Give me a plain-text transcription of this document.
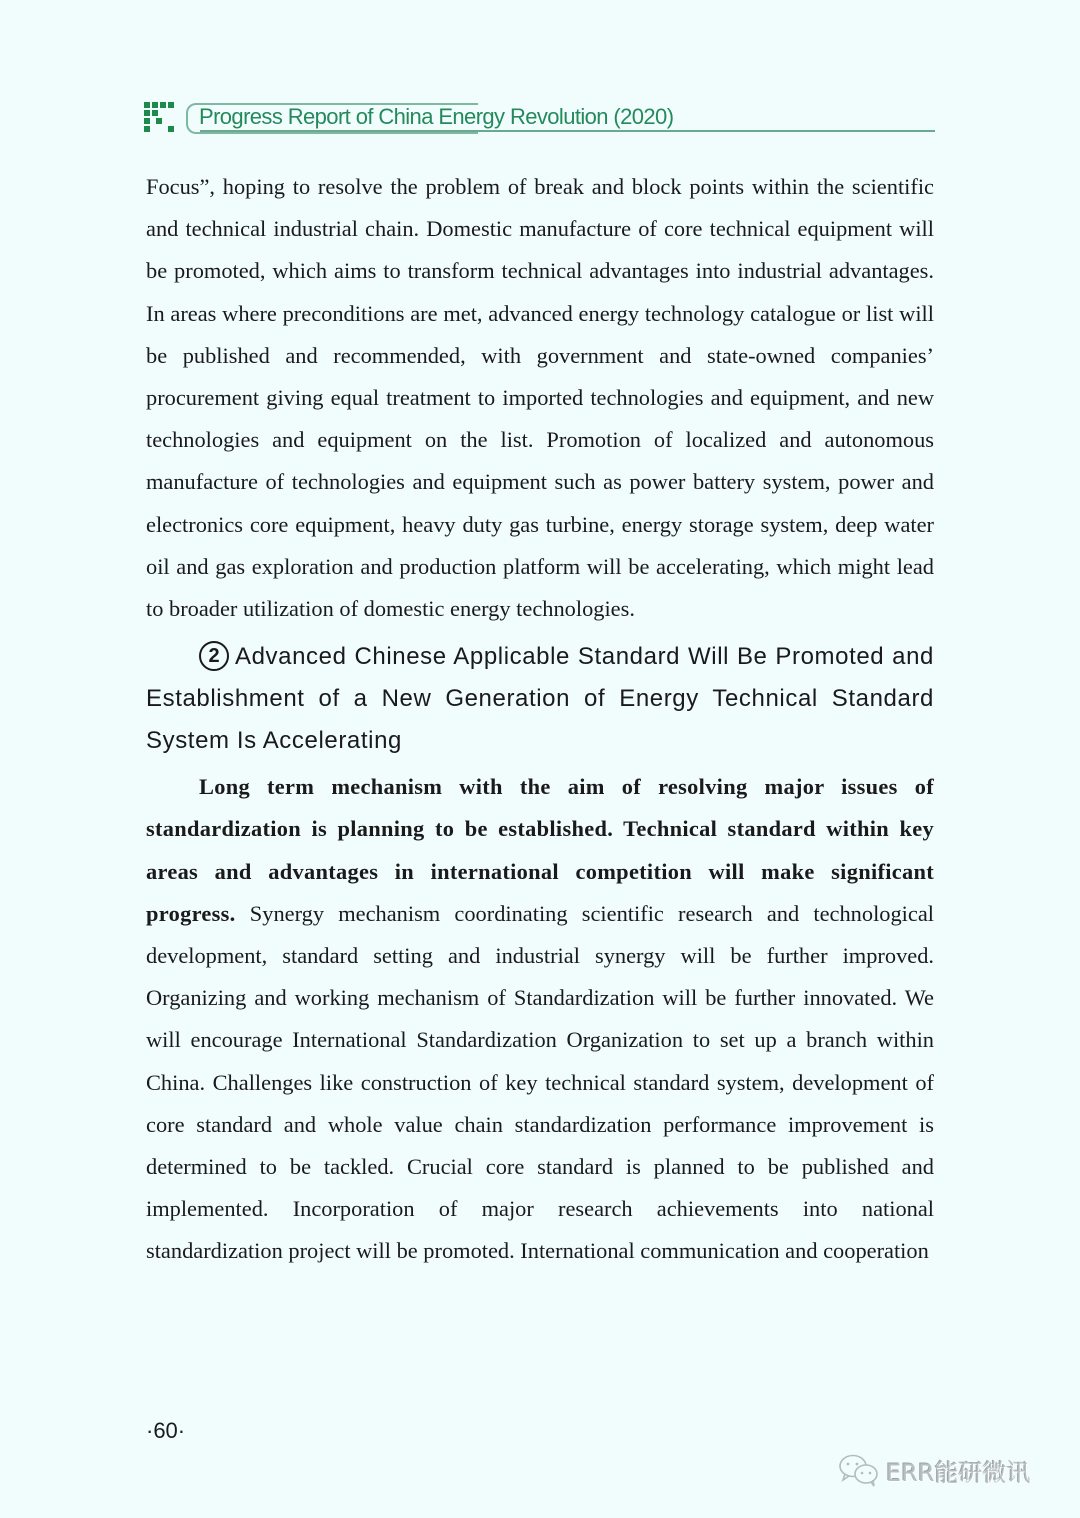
Progress Report of China Energy Revolution (2020)

Focus”, hoping to resolve the problem of break and block points within the scientific and technical industrial chain. Domestic manufacture of core technical equipment will be promoted, which aims to transform technical advantages into industrial advantages. In areas where preconditions are met, advanced energy technology catalogue or list will be published and recommended, with government and state-owned companies’ procurement giving equal treatment to imported technologies and equipment, and new technologies and equipment on the list. Promotion of localized and autonomous manufacture of technologies and equipment such as power battery system, power and electronics core equipment, heavy duty gas turbine, energy storage system, deep water oil and gas exploration and production platform will be accelerating, which might lead to broader utilization of domestic energy technologies.

2 Advanced Chinese Applicable Standard Will Be Promoted and Establishment of a New Generation of Energy Technical Standard System Is Accelerating

Long term mechanism with the aim of resolving major issues of standardization is planning to be established. Technical standard within key areas and advantages in international competition will make significant progress. Synergy mechanism coordinating scientific research and technological development, standard setting and industrial synergy will be further improved. Organizing and working mechanism of Standardization will be further innovated. We will encourage International Standardization Organization to set up a branch within China. Challenges like construction of key technical standard system, development of core standard and whole value chain standardization performance improvement is determined to be tackled. Crucial core standard is planned to be published and implemented. Incorporation of major research achievements into national standardization project will be promoted. International communication and cooperation

·60·
ERR能研微讯
